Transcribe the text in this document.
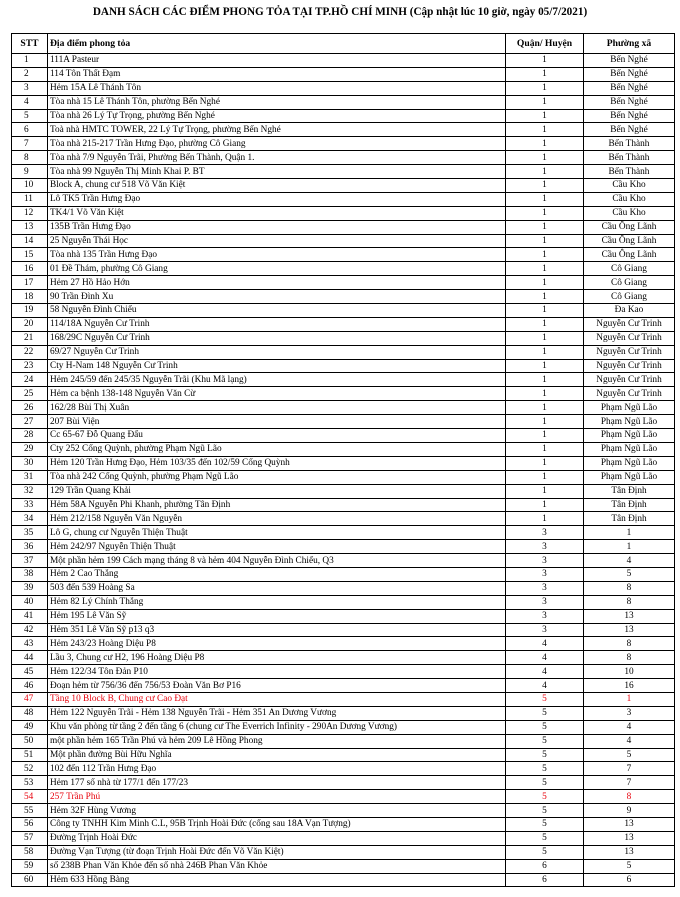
DANH SÁCH CÁC ĐIỂM PHONG TỎA TẠI TP.HỒ CHÍ MINH (Cập nhật lúc 10 giờ, ngày 05/7/2021)
STT	Địa điểm phong tỏa	Quận/ Huyện	Phường xã
1	111A Pasteur	1	Bến Nghé
2	114 Tôn Thất Đạm	1	Bến Nghé
3	Hẻm 15A Lê Thánh Tôn	1	Bến Nghé
4	Tòa nhà 15 Lê Thánh Tôn, phường Bến Nghé	1	Bến Nghé
5	Tòa nhà 26 Lý Tự Trọng, phường Bến Nghé	1	Bến Nghé
6	Toà nhà HMTC TOWER, 22 Lý Tự Trọng, phường Bến Nghé	1	Bến Nghé
7	Tòa nhà 215-217 Trần Hưng Đạo, phường Cô Giang	1	Bến Thành
8	Tòa nhà 7/9 Nguyễn Trãi, Phường Bến Thành, Quận 1.	1	Bến Thành
9	Tòa nhà 99 Nguyễn Thị Minh Khai P. BT	1	Bến Thành
10	Block A, chung cư 518 Võ Văn Kiệt	1	Cầu Kho
11	Lô TK5 Trần Hưng Đạo	1	Cầu Kho
12	TK4/1 Võ Văn Kiệt	1	Cầu Kho
13	135B Trần Hưng Đạo	1	Cầu Ông Lãnh
14	25 Nguyễn Thái Học	1	Cầu Ông Lãnh
15	Tòa nhà 135 Trần Hưng Đạo	1	Cầu Ông Lãnh
16	01 Đề Thám, phường Cô Giang	1	Cô Giang
17	Hẻm 27 Hồ Hảo Hớn	1	Cô Giang
18	90 Trần Đình Xu	1	Cô Giang
19	58 Nguyễn Đình Chiểu	1	Đa Kao
20	114/18A Nguyễn Cư Trinh	1	Nguyễn Cư Trinh
21	168/29C Nguyễn Cư Trinh	1	Nguyễn Cư Trinh
22	69/27 Nguyễn Cư Trinh	1	Nguyễn Cư Trinh
23	Cty H-Nam 148 Nguyễn Cư Trinh	1	Nguyễn Cư Trinh
24	Hẻm 245/59 đến 245/35 Nguyễn Trãi (Khu Mã lạng)	1	Nguyễn Cư Trinh
25	Hẻm ca bệnh 138-148 Nguyễn Văn Cừ	1	Nguyễn Cư Trinh
26	162/28 Bùi Thị Xuân	1	Phạm Ngũ Lão
27	207 Bùi Viện	1	Phạm Ngũ Lão
28	Cc 65-67 Đỗ Quang Đẩu	1	Phạm Ngũ Lão
29	Cty 252 Cống Quỳnh, phường Phạm Ngũ Lão	1	Phạm Ngũ Lão
30	Hẻm 120 Trần Hưng Đạo, Hẻm 103/35 đến 102/59 Cống Quỳnh	1	Phạm Ngũ Lão
31	Tòa nhà 242 Cống Quỳnh, phường Phạm Ngũ Lão	1	Phạm Ngũ Lão
32	129 Trần Quang Khải	1	Tân Định
33	Hẻm 58A Nguyễn Phi Khanh, phường Tân Định	1	Tân Định
34	Hẻm 212/158 Nguyễn Văn Nguyễn	1	Tân Định
35	Lô G, chung cư Nguyễn Thiện Thuật	3	1
36	Hẻm 242/97 Nguyễn Thiện Thuật	3	1
37	Một phần hẻm 199 Cách mạng tháng 8 và hẻm 404 Nguyễn Đình Chiểu, Q3	3	4
38	Hẻm 2 Cao Thắng	3	5
39	503 đến 539 Hoàng Sa	3	8
40	Hẻm 82 Lý Chính Thắng	3	8
41	Hẻm 195 Lê Văn Sỹ	3	13
42	Hẻm 351 Lê Văn Sỹ p13 q3	3	13
43	Hẻm 243/23 Hoàng Diệu P8	4	8
44	Lầu 3, Chung cư H2, 196 Hoàng Diệu P8	4	8
45	Hẻm 122/34 Tôn Đản P10	4	10
46	Đoạn hẻm từ 756/36 đến 756/53 Đoàn Văn Bơ P16	4	16
47	Tầng 10 Block B, Chung cư Cao Đạt	5	1
48	Hẻm 122 Nguyễn Trãi - Hẻm 138 Nguyễn Trãi - Hẻm 351 An Dương Vương	5	3
49	Khu văn phòng từ tầng 2 đến tầng 6 (chung cư The Everrich Infinity - 290An Dương Vương)	5	4
50	một phần hẻm 165 Trần Phú và hẻm 209 Lê Hồng Phong	5	4
51	Một phần đường Bùi Hữu Nghĩa	5	5
52	102 đến 112 Trần Hưng Đạo	5	7
53	Hẻm 177 số nhà từ 177/1 đến 177/23	5	7
54	257 Trần Phú	5	8
55	Hẻm 32F Hùng Vương	5	9
56	Công ty TNHH Kim Minh C.L, 95B Trịnh Hoài Đức (cổng sau 18A Vạn Tượng)	5	13
57	Đường Trịnh Hoài Đức	5	13
58	Đường Vạn Tượng (từ đoạn Trịnh Hoài Đức đến Võ Văn Kiệt)	5	13
59	số 238B Phan Văn Khỏe đến số nhà 246B Phan Văn Khỏe	6	5
60	Hẻm 633 Hồng Bàng	6	6
